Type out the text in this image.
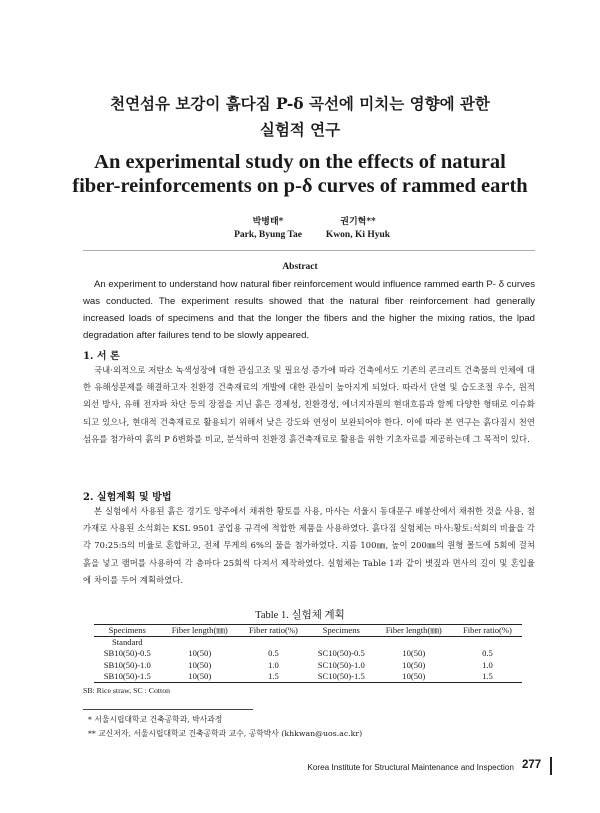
천연섬유 보강이 흙다짐 P-δ 곡선에 미치는 영향에 관한
실험적 연구
An experimental study on the effects of natural
fiber-reinforcements on p-δ curves of rammed earth
박병태*	권기혁**
Park, Byung Tae	Kwon, Ki Hyuk
Abstract
An experiment to understand how natural fiber reinforcement would influence rammed earth P- δ curves was conducted. The experiment results showed that the natural fiber reinforcement had generally increased loads of specimens and that the longer the fibers and the higher the mixing ratios, the lpad degradation after failures tend to be slowly appeared.
1. 서 론
국내·외적으로 저탄소 녹색성장에 대한 관심고조 및 필요성 증가에 따라 건축에서도 기존의 콘크리트 건축물의 인체에 대한 유해성문제를 해결하고자 친환경 건축재료의 개발에 대한 관심이 높아지게 되었다. 따라서 단열 및 습도조절 우수, 원적외선 방사, 유해 전자파 차단 등의 장점을 지닌 흙은 경제성, 친환경성, 에너지자원의 현대흐름과 함께 다양한 형태로 이슈화되고 있으나, 현대적 건축재료로 활용되기 위해서 낮은 강도와 연성이 보완되어야 한다. 이에 따라 본 연구는 흙다짐시 천연섬유를 첨가하여 흙의 P δ변화를 비교, 분석하여 친환경 흙건축재료로 활용을 위한 기초자료를 제공하는데 그 목적이 있다.
2. 실험계획 및 방법
본 실험에서 사용된 흙은 경기도 양주에서 채취한 황토를 사용, 마사는 서울시 동대문구 배봉산에서 채취한 것을 사용, 첨가재로 사용된 소석회는 KSL 9501 공업용 규격에 적합한 제품을 사용하였다. 흙다짐 실험체는 마사:황토:석회의 비율을 각각 70:25:5의 비율로 혼합하고, 전체 무게의 6%의 물을 첨가하였다. 지름 100㎜, 높이 200㎜의 원형 몰드에 5회에 걸쳐 흙을 넣고 램머를 사용하여 각 층마다 25회씩 다져서 제작하였다. 실험체는 Table 1과 같이 볏짚과 면사의 길이 및 혼입율에 차이를 두어 계획하였다.
Table 1. 실험체 계획
Specimens	Fiber length(㎜)	Fiber ratio(%)	Specimens	Fiber length(㎜)	Fiber ratio(%)
Standard					
SB10(50)-0.5	10(50)	0.5	SC10(50)-0.5	10(50)	0.5
SB10(50)-1.0	10(50)	1.0	SC10(50)-1.0	10(50)	1.0
SB10(50)-1.5	10(50)	1.5	SC10(50)-1.5	10(50)	1.5
SB: Rice straw, SC : Cotton
* 서울시립대학교 건축공학과, 박사과정
** 교신저자, 서울시립대학교 건축공학과 교수, 공학박사 (khkwan@uos.ac.kr)
Korea Institute for Structural Maintenance and Inspection 277
